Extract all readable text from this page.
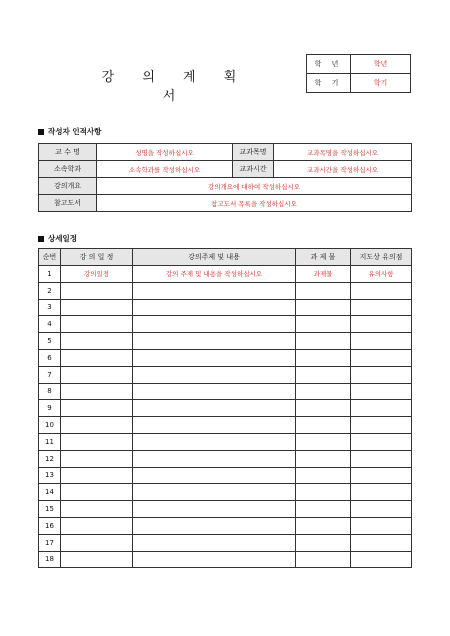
강 의 계 획 서
학 년	학년
학 기	학기
작성자 인적사항
교 수 명	성명을 작성하십시오	교과목명	교과목명을 작성하십시오
소속학과	소속학과를 작성하십시오	교과시간	교과시간을 작성하십시오
강의개요	강의개요에 대하여 작성하십시오		
참고도서	참고도서 목록을 작성하십시오		
상세일정
순번	강 의 일 정	강의주제 및 내용	과 제 물	지도상 유의점
1	강의일정	강의 주제 및 내용을 작성하십시오	과제물	유의사항
2				
3				
4				
5				
6				
7				
8				
9				
10				
11				
12				
13				
14				
15				
16				
17				
18				
